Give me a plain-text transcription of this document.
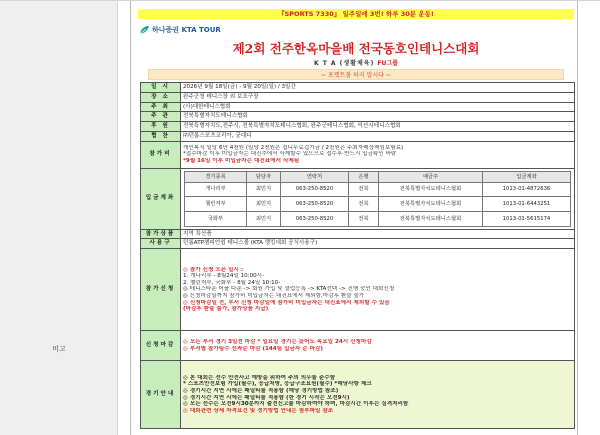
비고
『SPORTS 7330』 일주일에 3번! 하루 30분 운동!
하나증권 KTA TOUR
제2회 전주한옥마을배 전국동호인테니스대회
K T A (생활체육) FU그룹
~ 포켓트볼 하지 맙시다 ~
일 시	2026년 9월 18일(금) - 9월 20일(일) / 3일간
장 소	완주군청 테니스장 외 보조구장
주 최	(사)대한테니스협회
주 관	전북특별자치도테니스협회
후 원	전북특별자치도,전주시, 전북특별자치도테니스협회, 완주군테니스협회, 익산시테니스협회
협 찬	㈜던롭스포츠코리아, 궁대디
참가비	
개인복식 일당 6만 4천원 (일당 2천원은 접니무료겁기금 / 2천원은 주최자배상책임보험료)
*접수마감 이후 미입금자는 대진추에서 삭제할수 있으므로 접수후 반드시 입금확인 바람
*9월 16일 이후 미입금자는 대진표에서 삭제됨

입금계좌	
경기종목	담당자	연락처	은행	예금주	입금계좌
개나리부	최민지	063-250-8520	전북	전북특별자치도테니스협회	1013-01-4872636
챌린저부	최민지	063-250-8520	전북	전북특별자치도테니스협회	1013-01-6443251
국화부	최민지	063-250-8520	전북	전북특별자치도테니스협회	1013-01-5615174

참가상품	지역 특산품
사용구	던롭ATP챔피언쉽 테니스볼 (KTA 랭킹대회 공식사용구)
참가신청	
◎ 참가 신청 오픈 일시 :
1. 개나리부 - 8월24일 10:00시-
2. 챌린저부, 국화부 - 8월 24일 10:10-
◎ 테니스타운 어플 다운 -> 회원 가입 및 클럽등록 -> KTA선택 -> 진행 중인 대회신청
◎ 신청마감일까지 참가비 미입금자는 대진표에서 제외함,마감후 환불 불가
◎ 신청마감일 전, 부서 신청 마감일에 참가비 미입금자는 대진표에서 제외할 수 있음
(마감후 환불 불가, 참가상품 지급)

신청마감	
◎ 모든 부서 경기 3일전 마감 * 일요일 경기는 늦어도 목요일 24시 신청마감
◎ 부서별 참가팀수 선착순 마감 (144팀 입금자 순 마감)

경기안내	
◎ 본 대회는 선수 안전사고 예방을 위하여 주의 의무를 준수함
* 스포츠안전보험 가입(필수), 응급처방, 응급구조요원(필수) *해당사항 체크
◎ 경기시간 지연 시에는 패널티를 적용함 (해당 경기방법 참조)
◎ 경기시간 지연 시에는 패널티를 적용함 (한 경기 시작은 오전9시)
◎ 모든 선수는 오전9시30분까지 출전신고를 마감하여야 하며, 마감시간 이후는 실격처리함
◎ 대회관련 상세 자격요건 및 경기방법 안내는 첨부파일 참조
